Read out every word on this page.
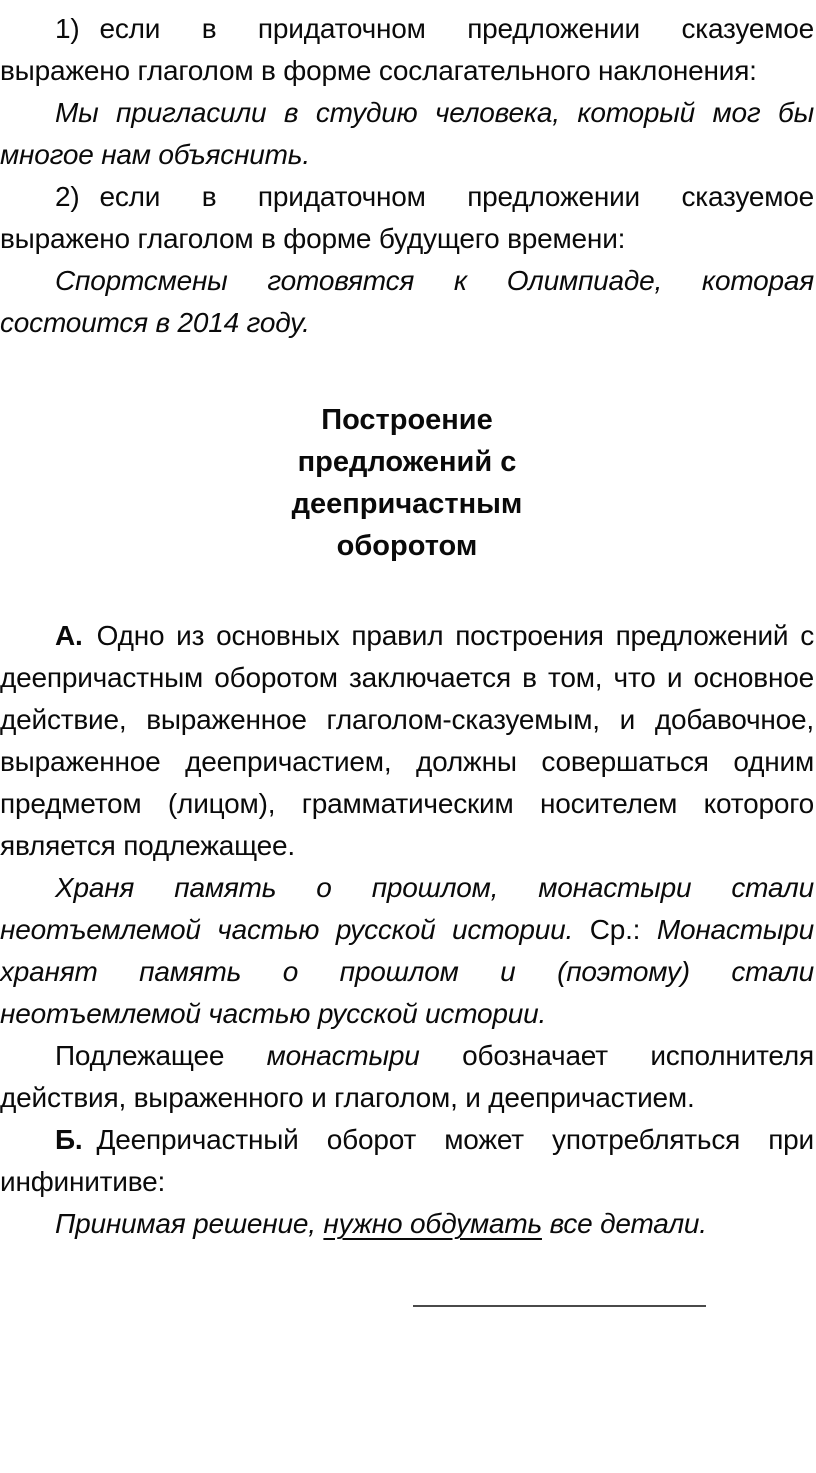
1) если в придаточном предложении сказуемое выражено глаголом в форме сослагательного наклонения:

Мы пригласили в студию человека, который мог бы многое нам объяснить.

2) если в придаточном предложении сказуемое выражено глаголом в форме будущего времени:

Спортсмены готовятся к Олимпиаде, которая состоится в 2014 году.

Построение
предложений с
деепричастным
оборотом

А. Одно из основных правил построения предложений с деепричастным оборотом заключается в том, что и основное действие, выраженное глаголом-сказуемым, и добавочное, выраженное деепричастием, должны совершаться одним предметом (лицом), грамматическим носителем которого является подлежащее.

Храня память о прошлом, монастыри стали неотъемлемой частью русской истории. Ср.: Монастыри хранят память о прошлом и (поэтому) стали неотъемлемой частью русской истории.

Подлежащее монастыри обозначает исполнителя действия, выраженного и глаголом, и деепричастием.

Б. Деепричастный оборот может употребляться при инфинитиве:

Принимая решение, нужно обдумать все детали.
